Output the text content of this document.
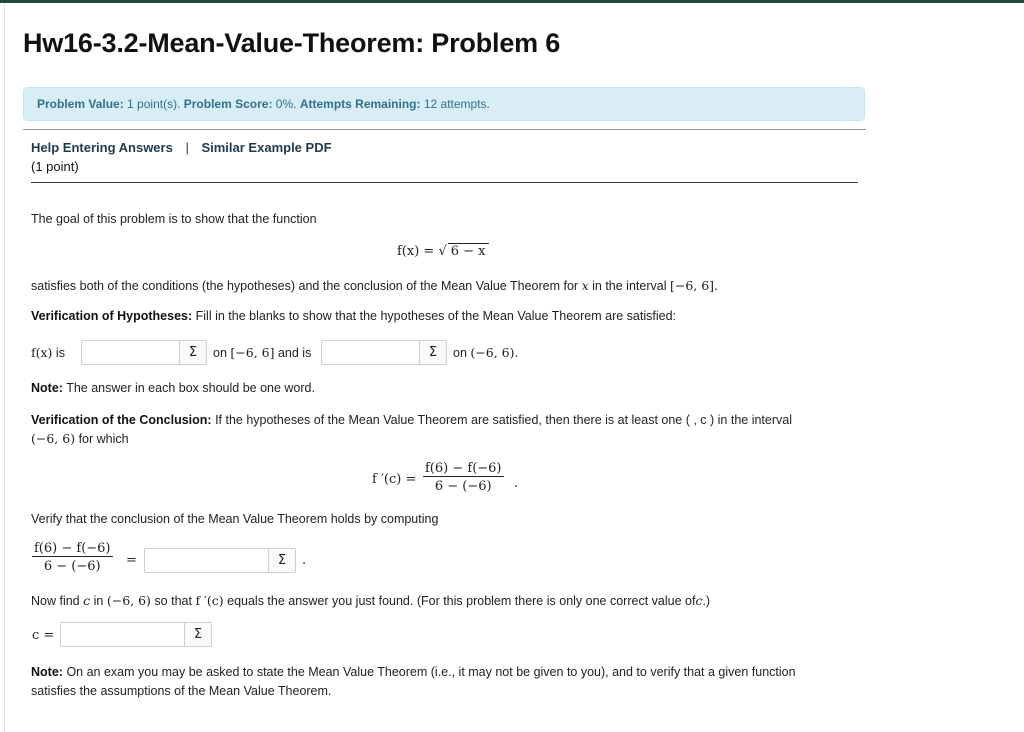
Hw16-3.2-Mean-Value-Theorem: Problem 6
Problem Value: 1 point(s). Problem Score: 0%. Attempts Remaining: 12 attempts.
Help Entering Answers | Similar Example PDF
(1 point)
The goal of this problem is to show that the function
f(x) = √ 6 − x
satisfies both of the conditions (the hypotheses) and the conclusion of the Mean Value Theorem for x in the interval [−6, 6].
Verification of Hypotheses: Fill in the blanks to show that the hypotheses of the Mean Value Theorem are satisfied:
f(x) is	Σ	on [−6, 6] and is	Σ	on (−6, 6).
Note: The answer in each box should be one word.
Verification of the Conclusion: If the hypotheses of the Mean Value Theorem are satisfied, then there is at least one ( , c ) in the interval
(−6, 6) for which
f $'(c) = \frac{f(6) - f(-6)}{6 - (-6)}$ .
Verify that the conclusion of the Mean Value Theorem holds by computing
$\frac{f(6) - f(-6)}{6 - (-6)}$ =	Σ	.
Now find c in (−6, 6) so that f ′(c) equals the answer you just found. (For this problem there is only one correct value ofc.)
c =	Σ
Note: On an exam you may be asked to state the Mean Value Theorem (i.e., it may not be given to you), and to verify that a given function
satisfies the assumptions of the Mean Value Theorem.
